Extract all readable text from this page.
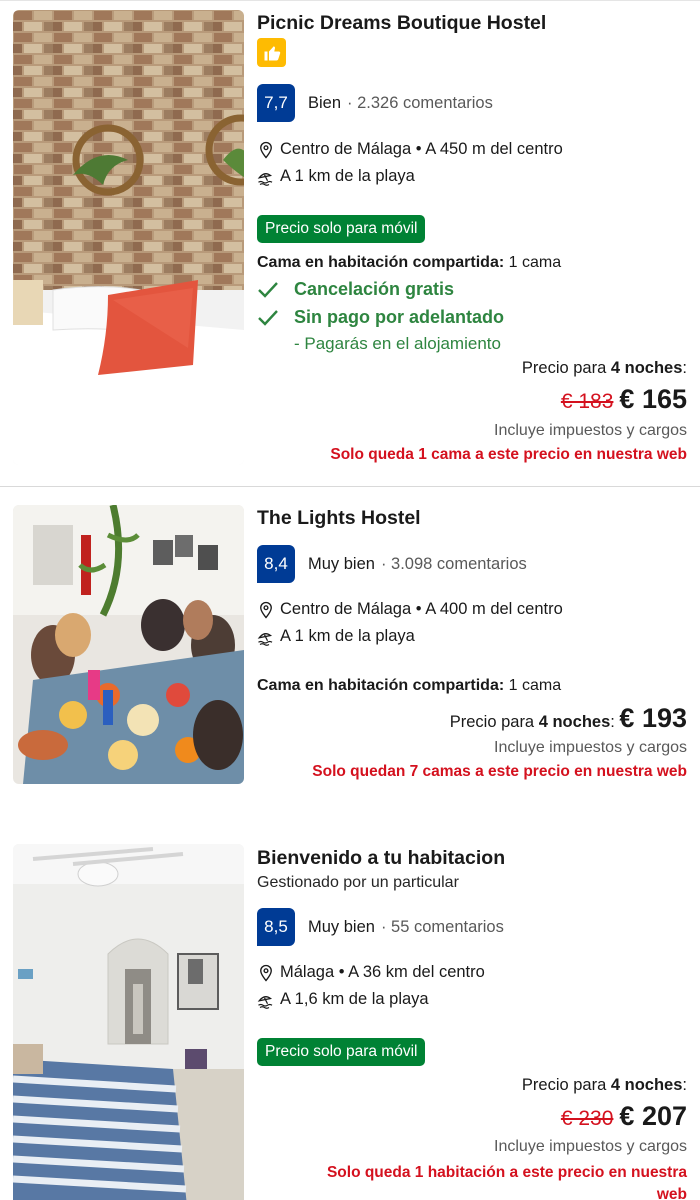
Picnic Dreams Boutique Hostel
7,7	Bien · 2.326 comentarios
Centro de Málaga • A 450 m del centro
A 1 km de la playa
Precio solo para móvil
Cama en habitación compartida:
1 cama
Cancelación gratis
Sin pago por adelantado
- Pagarás en el alojamiento
Precio para 4 noches:
€ 183 € 165
Incluye impuestos y cargos
Solo queda 1 cama a este precio en nuestra web
The Lights Hostel
8,4	Muy bien · 3.098 comentarios
Centro de Málaga • A 400 m del centro
A 1 km de la playa
Cama en habitación compartida:
1 cama
Precio para 4 noches: € 193
Incluye impuestos y cargos
Solo quedan 7 camas a este precio en nuestra web
Bienvenido a tu habitacion
Gestionado por un particular
8,5	Muy bien · 55 comentarios
Málaga • A 36 km del centro
A 1,6 km de la playa
Precio solo para móvil
Precio para 4 noches:
€ 230 € 207
Incluye impuestos y cargos
Solo queda 1 habitación a este precio en nuestra
web
